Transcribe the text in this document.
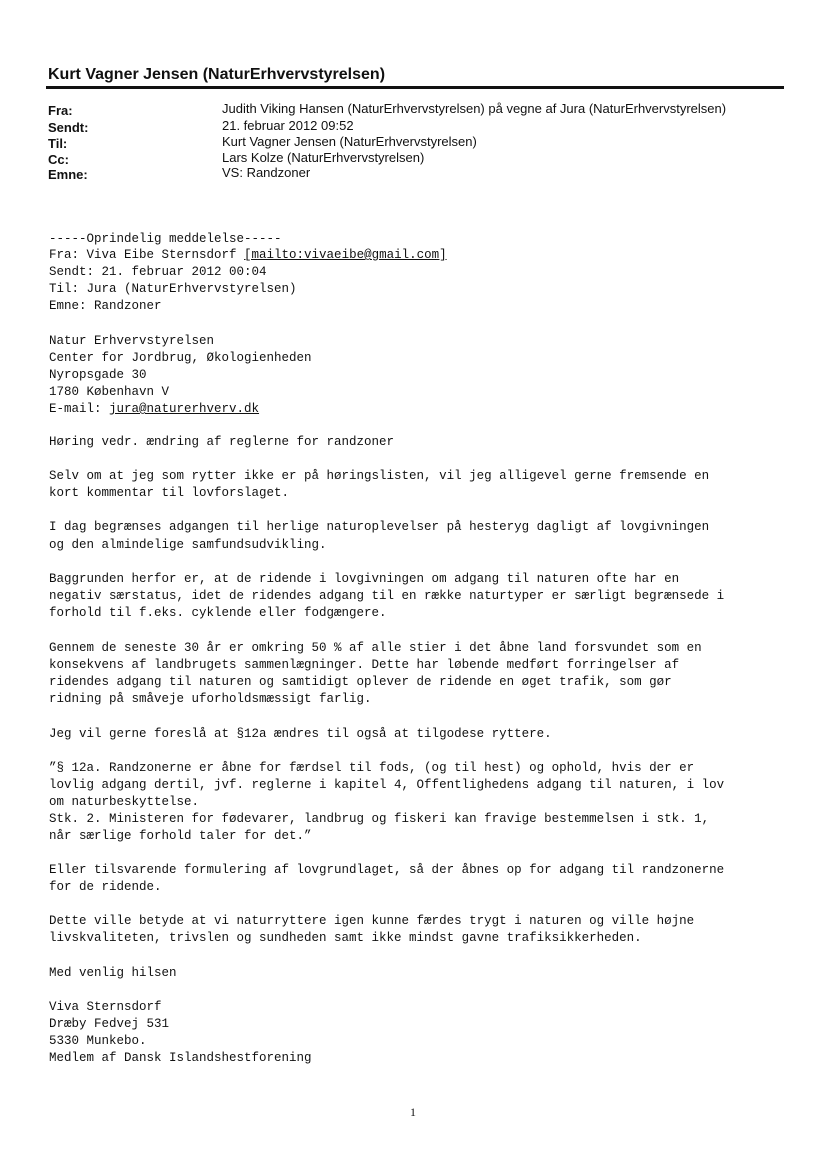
Kurt Vagner Jensen (NaturErhvervstyrelsen)
Fra:	Judith Viking Hansen (NaturErhvervstyrelsen) på vegne af Jura (NaturErhvervstyrelsen)
Sendt:	21. februar 2012 09:52
Til:	Kurt Vagner Jensen (NaturErhvervstyrelsen)
Cc:	Lars Kolze (NaturErhvervstyrelsen)
Emne:	VS: Randzoner
-----Oprindelig meddelelse-----
Fra: Viva Eibe Sternsdorf [mailto:vivaeibe@gmail.com]
Sendt: 21. februar 2012 00:04
Til: Jura (NaturErhvervstyrelsen)
Emne: Randzoner
Natur Erhvervstyrelsen
Center for Jordbrug, Økologienheden
Nyropsgade 30
1780 København V
E-mail: jura@naturerhverv.dk
Høring vedr. ændring af reglerne for randzoner
Selv om at jeg som rytter ikke er på høringslisten, vil jeg alligevel gerne fremsende en
kort kommentar til lovforslaget.
I dag begrænses adgangen til herlige naturoplevelser på hesteryg dagligt af lovgivningen
og den almindelige samfundsudvikling.
Baggrunden herfor er, at de ridende i lovgivningen om adgang til naturen ofte har en
negativ særstatus, idet de ridendes adgang til en række naturtyper er særligt begrænsede i
forhold til f.eks. cyklende eller fodgængere.
Gennem de seneste 30 år er omkring 50 % af alle stier i det åbne land forsvundet som en
konsekvens af landbrugets sammenlægninger. Dette har løbende medført forringelser af
ridendes adgang til naturen og samtidigt oplever de ridende en øget trafik, som gør
ridning på småveje uforholdsmæssigt farlig.
Jeg vil gerne foreslå at §12a ændres til også at tilgodese ryttere.
”§ 12a. Randzonerne er åbne for færdsel til fods, (og til hest) og ophold, hvis der er
lovlig adgang dertil, jvf. reglerne i kapitel 4, Offentlighedens adgang til naturen, i lov
om naturbeskyttelse.
Stk. 2. Ministeren for fødevarer, landbrug og fiskeri kan fravige bestemmelsen i stk. 1,
når særlige forhold taler for det.”
Eller tilsvarende formulering af lovgrundlaget, så der åbnes op for adgang til randzonerne
for de ridende.
Dette ville betyde at vi naturryttere igen kunne færdes trygt i naturen og ville højne
livskvaliteten, trivslen og sundheden samt ikke mindst gavne trafiksikkerheden.
Med venlig hilsen
Viva Sternsdorf
Dræby Fedvej 531
5330 Munkebo.
Medlem af Dansk Islandshestforening
1
